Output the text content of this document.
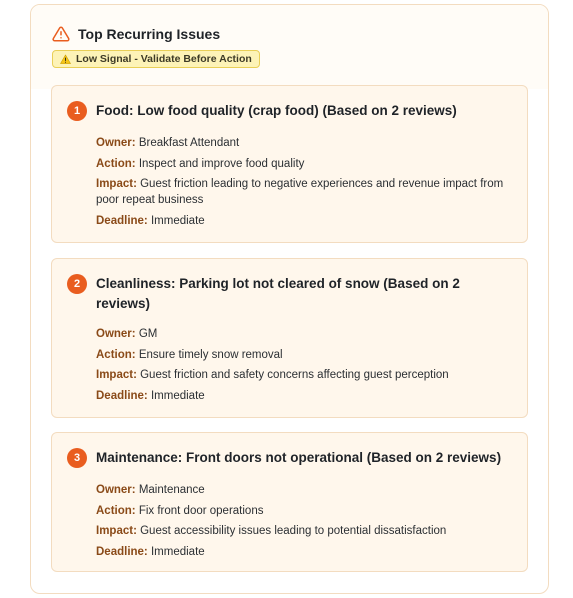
Top Recurring Issues
Low Signal - Validate Before Action
1	Food: Low food quality (crap food) (Based on 2 reviews)
Owner: Breakfast Attendant
Action: Inspect and improve food quality
Impact: Guest friction leading to negative experiences and revenue impact from poor repeat business
Deadline: Immediate
2	Cleanliness: Parking lot not cleared of snow (Based on 2 reviews)
Owner: GM
Action: Ensure timely snow removal
Impact: Guest friction and safety concerns affecting guest perception
Deadline: Immediate
3	Maintenance: Front doors not operational (Based on 2 reviews)
Owner: Maintenance
Action: Fix front door operations
Impact: Guest accessibility issues leading to potential dissatisfaction
Deadline: Immediate
